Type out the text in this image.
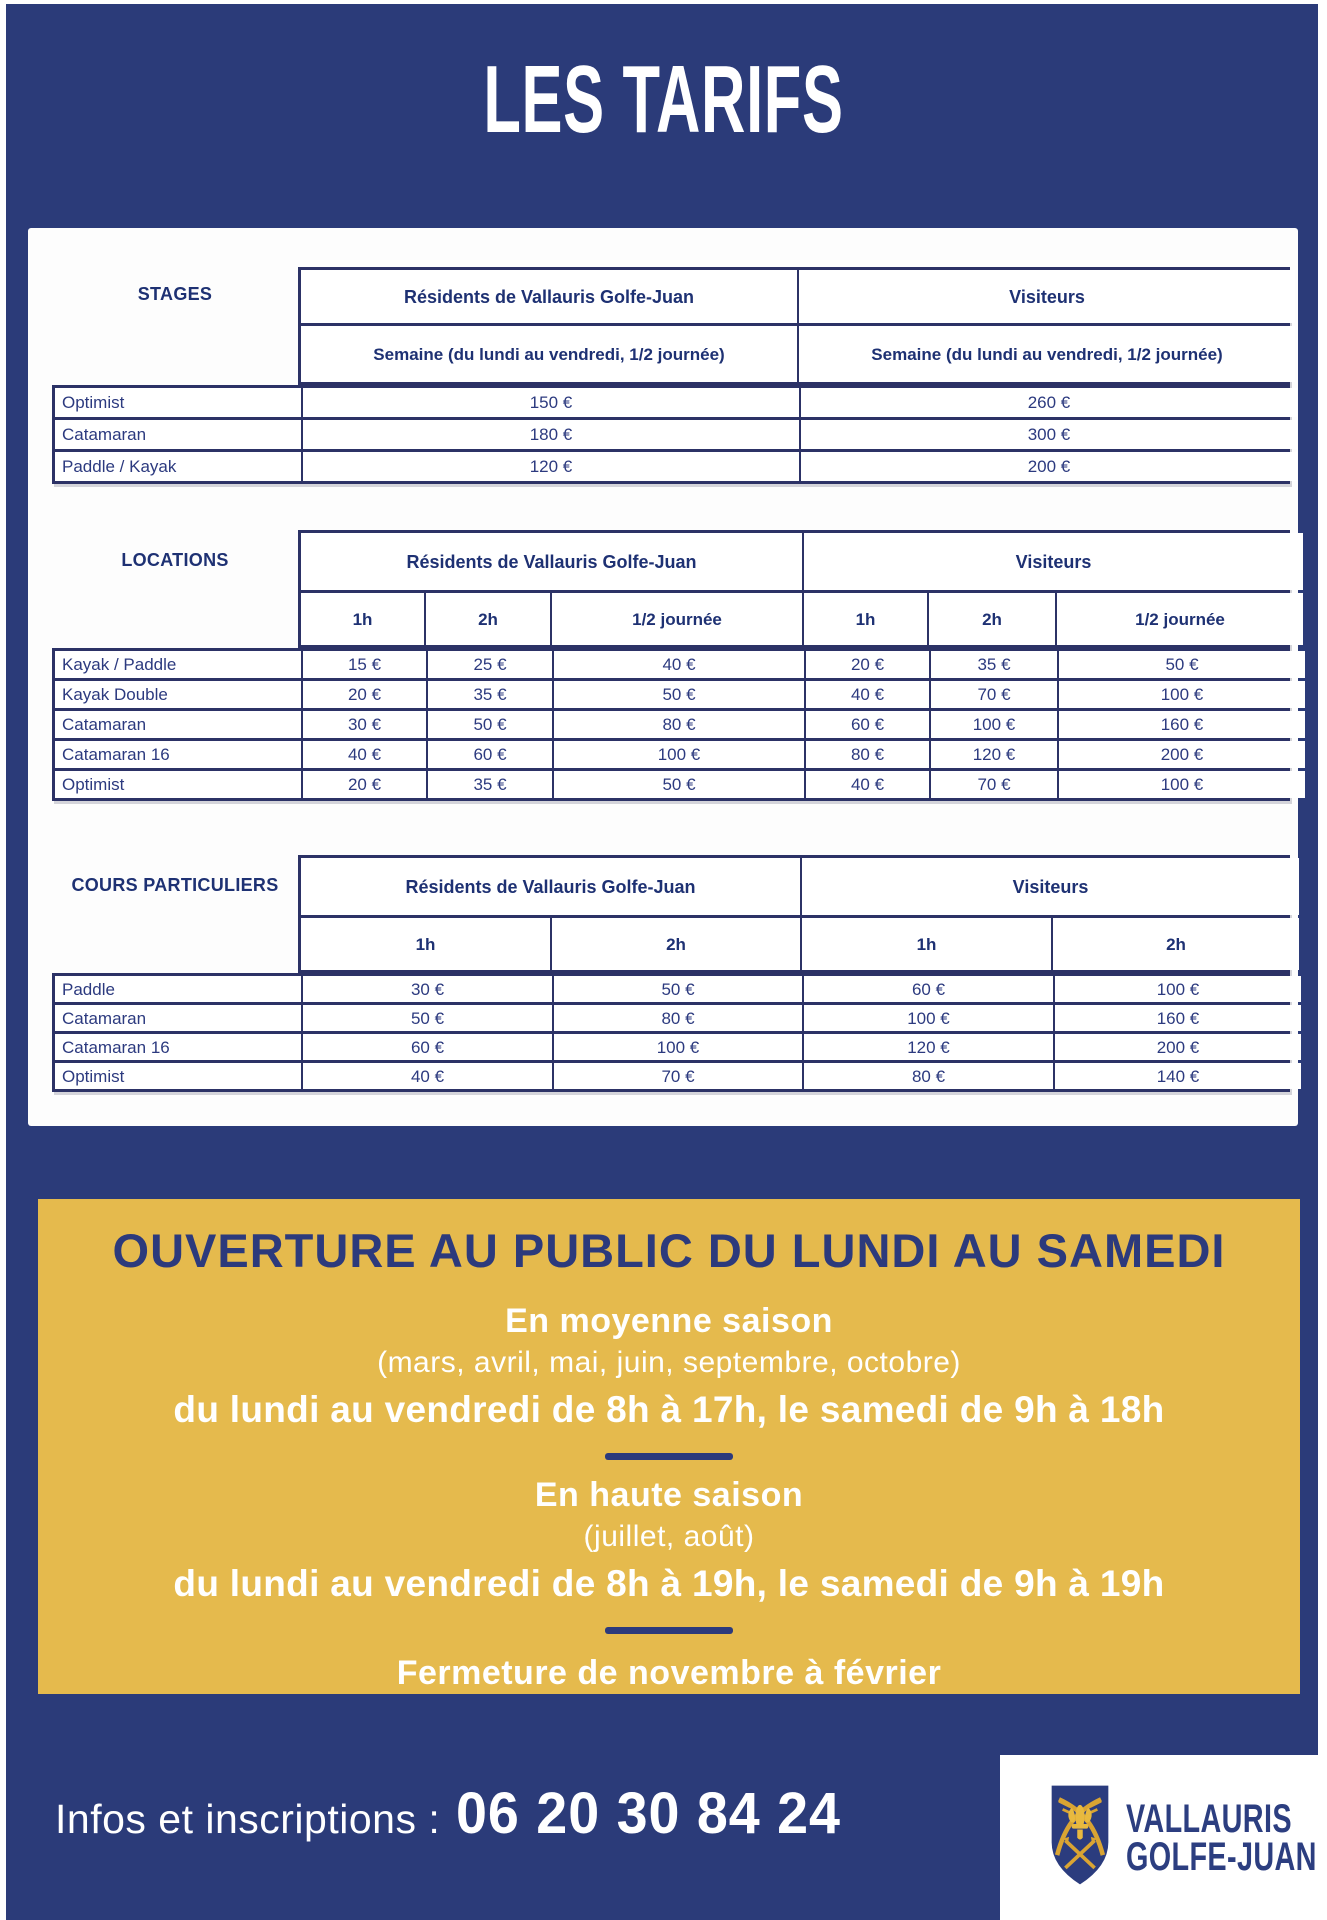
LES TARIFS
STAGES	Résidents de Vallauris Golfe-Juan	Visiteurs
Semaine (du lundi au vendredi, 1/2 journée)	Semaine (du lundi au vendredi, 1/2 journée)
Optimist	150 €	260 €
Catamaran	180 €	300 €
Paddle / Kayak	120 €	200 €
LOCATIONS	Résidents de Vallauris Golfe-Juan	Visiteurs
1h	2h	1/2 journée	1h	2h	1/2 journée
Kayak / Paddle	15 €	25 €	40 €	20 €	35 €	50 €
Kayak Double	20 €	35 €	50 €	40 €	70 €	100 €
Catamaran	30 €	50 €	80 €	60 €	100 €	160 €
Catamaran 16	40 €	60 €	100 €	80 €	120 €	200 €
Optimist	20 €	35 €	50 €	40 €	70 €	100 €
COURS PARTICULIERS	Résidents de Vallauris Golfe-Juan	Visiteurs
1h	2h	1h	2h
Paddle	30 €	50 €	60 €	100 €
Catamaran	50 €	80 €	100 €	160 €
Catamaran 16	60 €	100 €	120 €	200 €
Optimist	40 €	70 €	80 €	140 €
OUVERTURE AU PUBLIC DU LUNDI AU SAMEDI
En moyenne saison
(mars, avril, mai, juin, septembre, octobre)
du lundi au vendredi de 8h à 17h, le samedi de 9h à 18h
En haute saison
(juillet, août)
du lundi au vendredi de 8h à 19h, le samedi de 9h à 19h
Fermeture de novembre à février
Infos et inscriptions : 06 20 30 84 24	VALLAURIS
GOLFE-JUAN
